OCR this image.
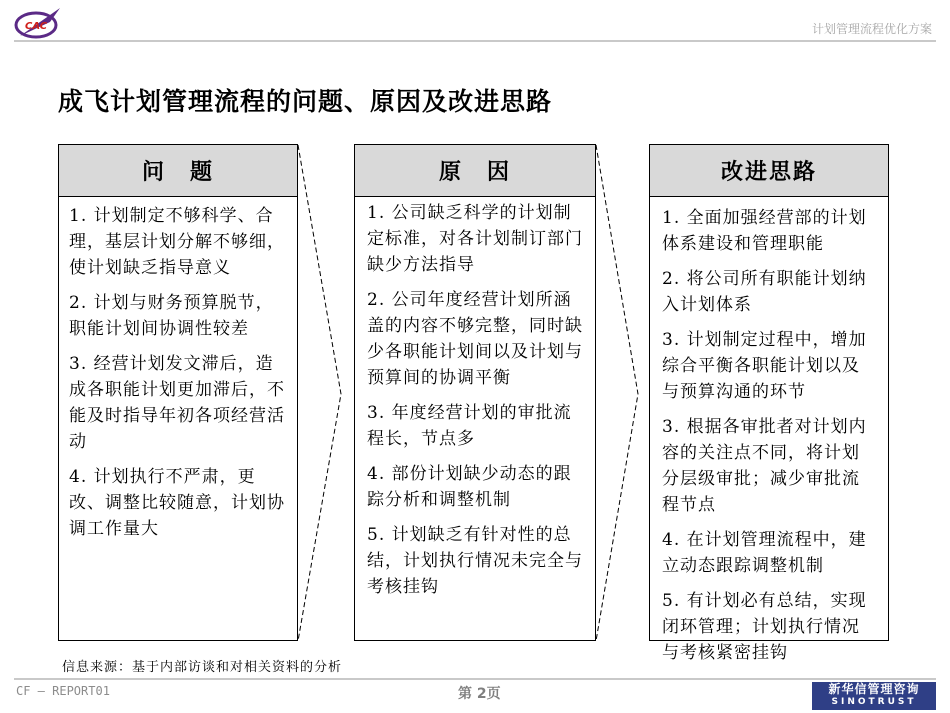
CAC	计划管理流程优化方案
成飞计划管理流程的问题、原因及改进思路
问　题

1. 计划制定不够科学、合理，基层计划分解不够细，使计划缺乏指导意义

2. 计划与财务预算脱节，职能计划间协调性较差

3. 经营计划发文滞后，造成各职能计划更加滞后，不能及时指导年初各项经营活动

4. 计划执行不严肃，更改、调整比较随意，计划协调工作量大

原　因

1. 公司缺乏科学的计划制定标准，对各计划制订部门缺少方法指导

2. 公司年度经营计划所涵盖的内容不够完整，同时缺少各职能计划间以及计划与预算间的协调平衡

3. 年度经营计划的审批流程长，节点多

4. 部份计划缺少动态的跟踪分析和调整机制

5. 计划缺乏有针对性的总结，计划执行情况未完全与考核挂钩

改进思路

1. 全面加强经营部的计划体系建设和管理职能

2. 将公司所有职能计划纳入计划体系

3. 计划制定过程中，增加综合平衡各职能计划以及与预算沟通的环节

3. 根据各审批者对计划内容的关注点不同，将计划分层级审批；减少审批流程节点

4. 在计划管理流程中，建立动态跟踪调整机制

5. 有计划必有总结，实现闭环管理；计划执行情况与考核紧密挂钩

信息来源：基于内部访谈和对相关资料的分析
CF — REPORT01	第 2页	新华信管理咨询
SINOTRUST
